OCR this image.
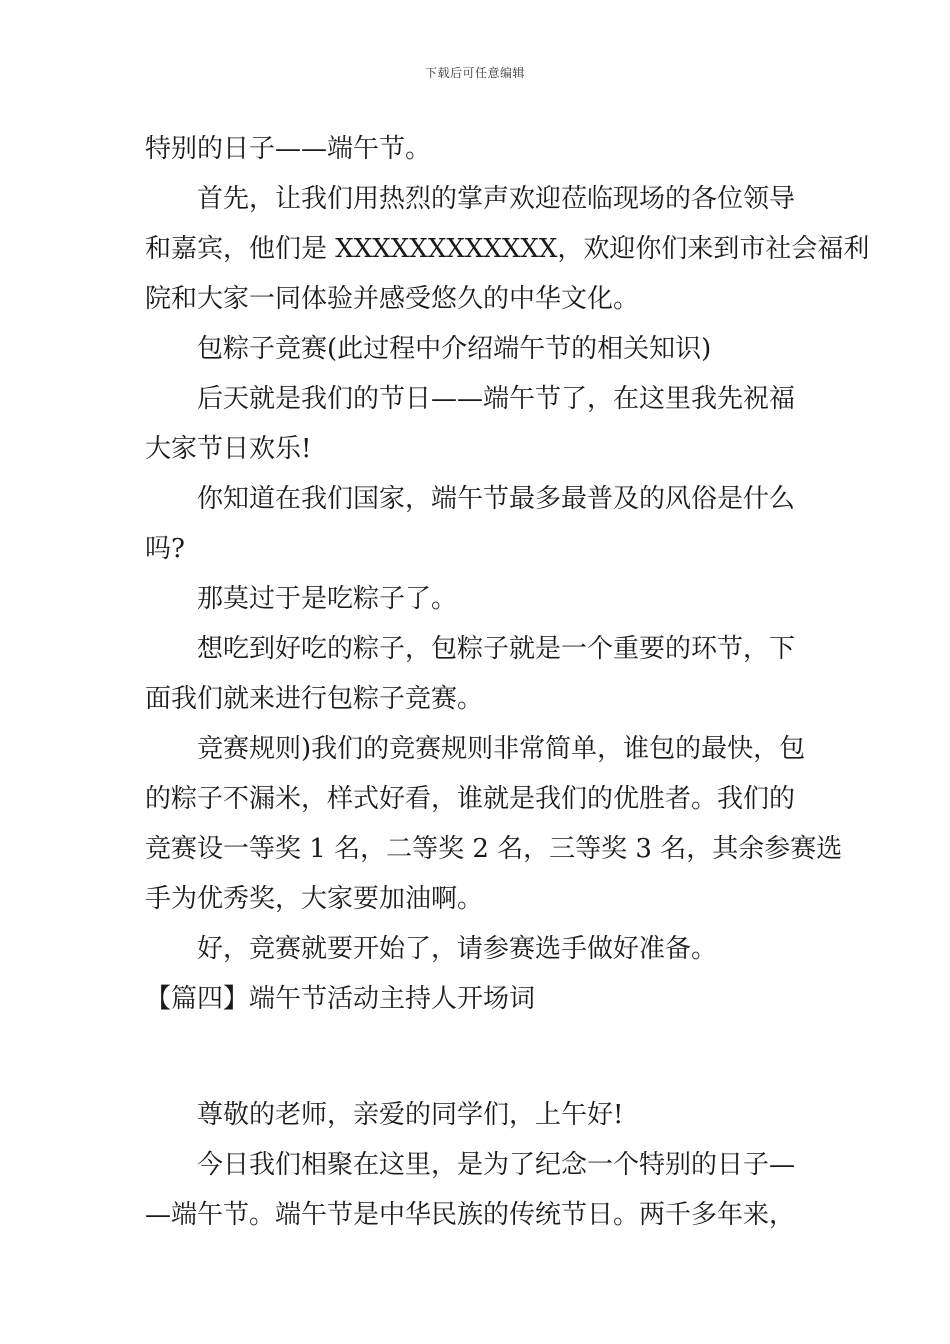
下载后可任意编辑
特别的日子——端午节。
首先，让我们用热烈的掌声欢迎莅临现场的各位领导
和嘉宾，他们是 XXXXXXXXXXXX，欢迎你们来到市社会福利
院和大家一同体验并感受悠久的中华文化。
包粽子竞赛(此过程中介绍端午节的相关知识)
后天就是我们的节日——端午节了，在这里我先祝福
大家节日欢乐!
你知道在我们国家，端午节最多最普及的风俗是什么
吗?
那莫过于是吃粽子了。
想吃到好吃的粽子，包粽子就是一个重要的环节，下
面我们就来进行包粽子竞赛。
竞赛规则)我们的竞赛规则非常简单，谁包的最快，包
的粽子不漏米，样式好看，谁就是我们的优胜者。我们的
竞赛设一等奖 1 名，二等奖 2 名，三等奖 3 名，其余参赛选
手为优秀奖，大家要加油啊。
好，竞赛就要开始了，请参赛选手做好准备。
【篇四】端午节活动主持人开场词
尊敬的老师，亲爱的同学们，上午好!
今日我们相聚在这里，是为了纪念一个特别的日子—
—端午节。端午节是中华民族的传统节日。两千多年来，
